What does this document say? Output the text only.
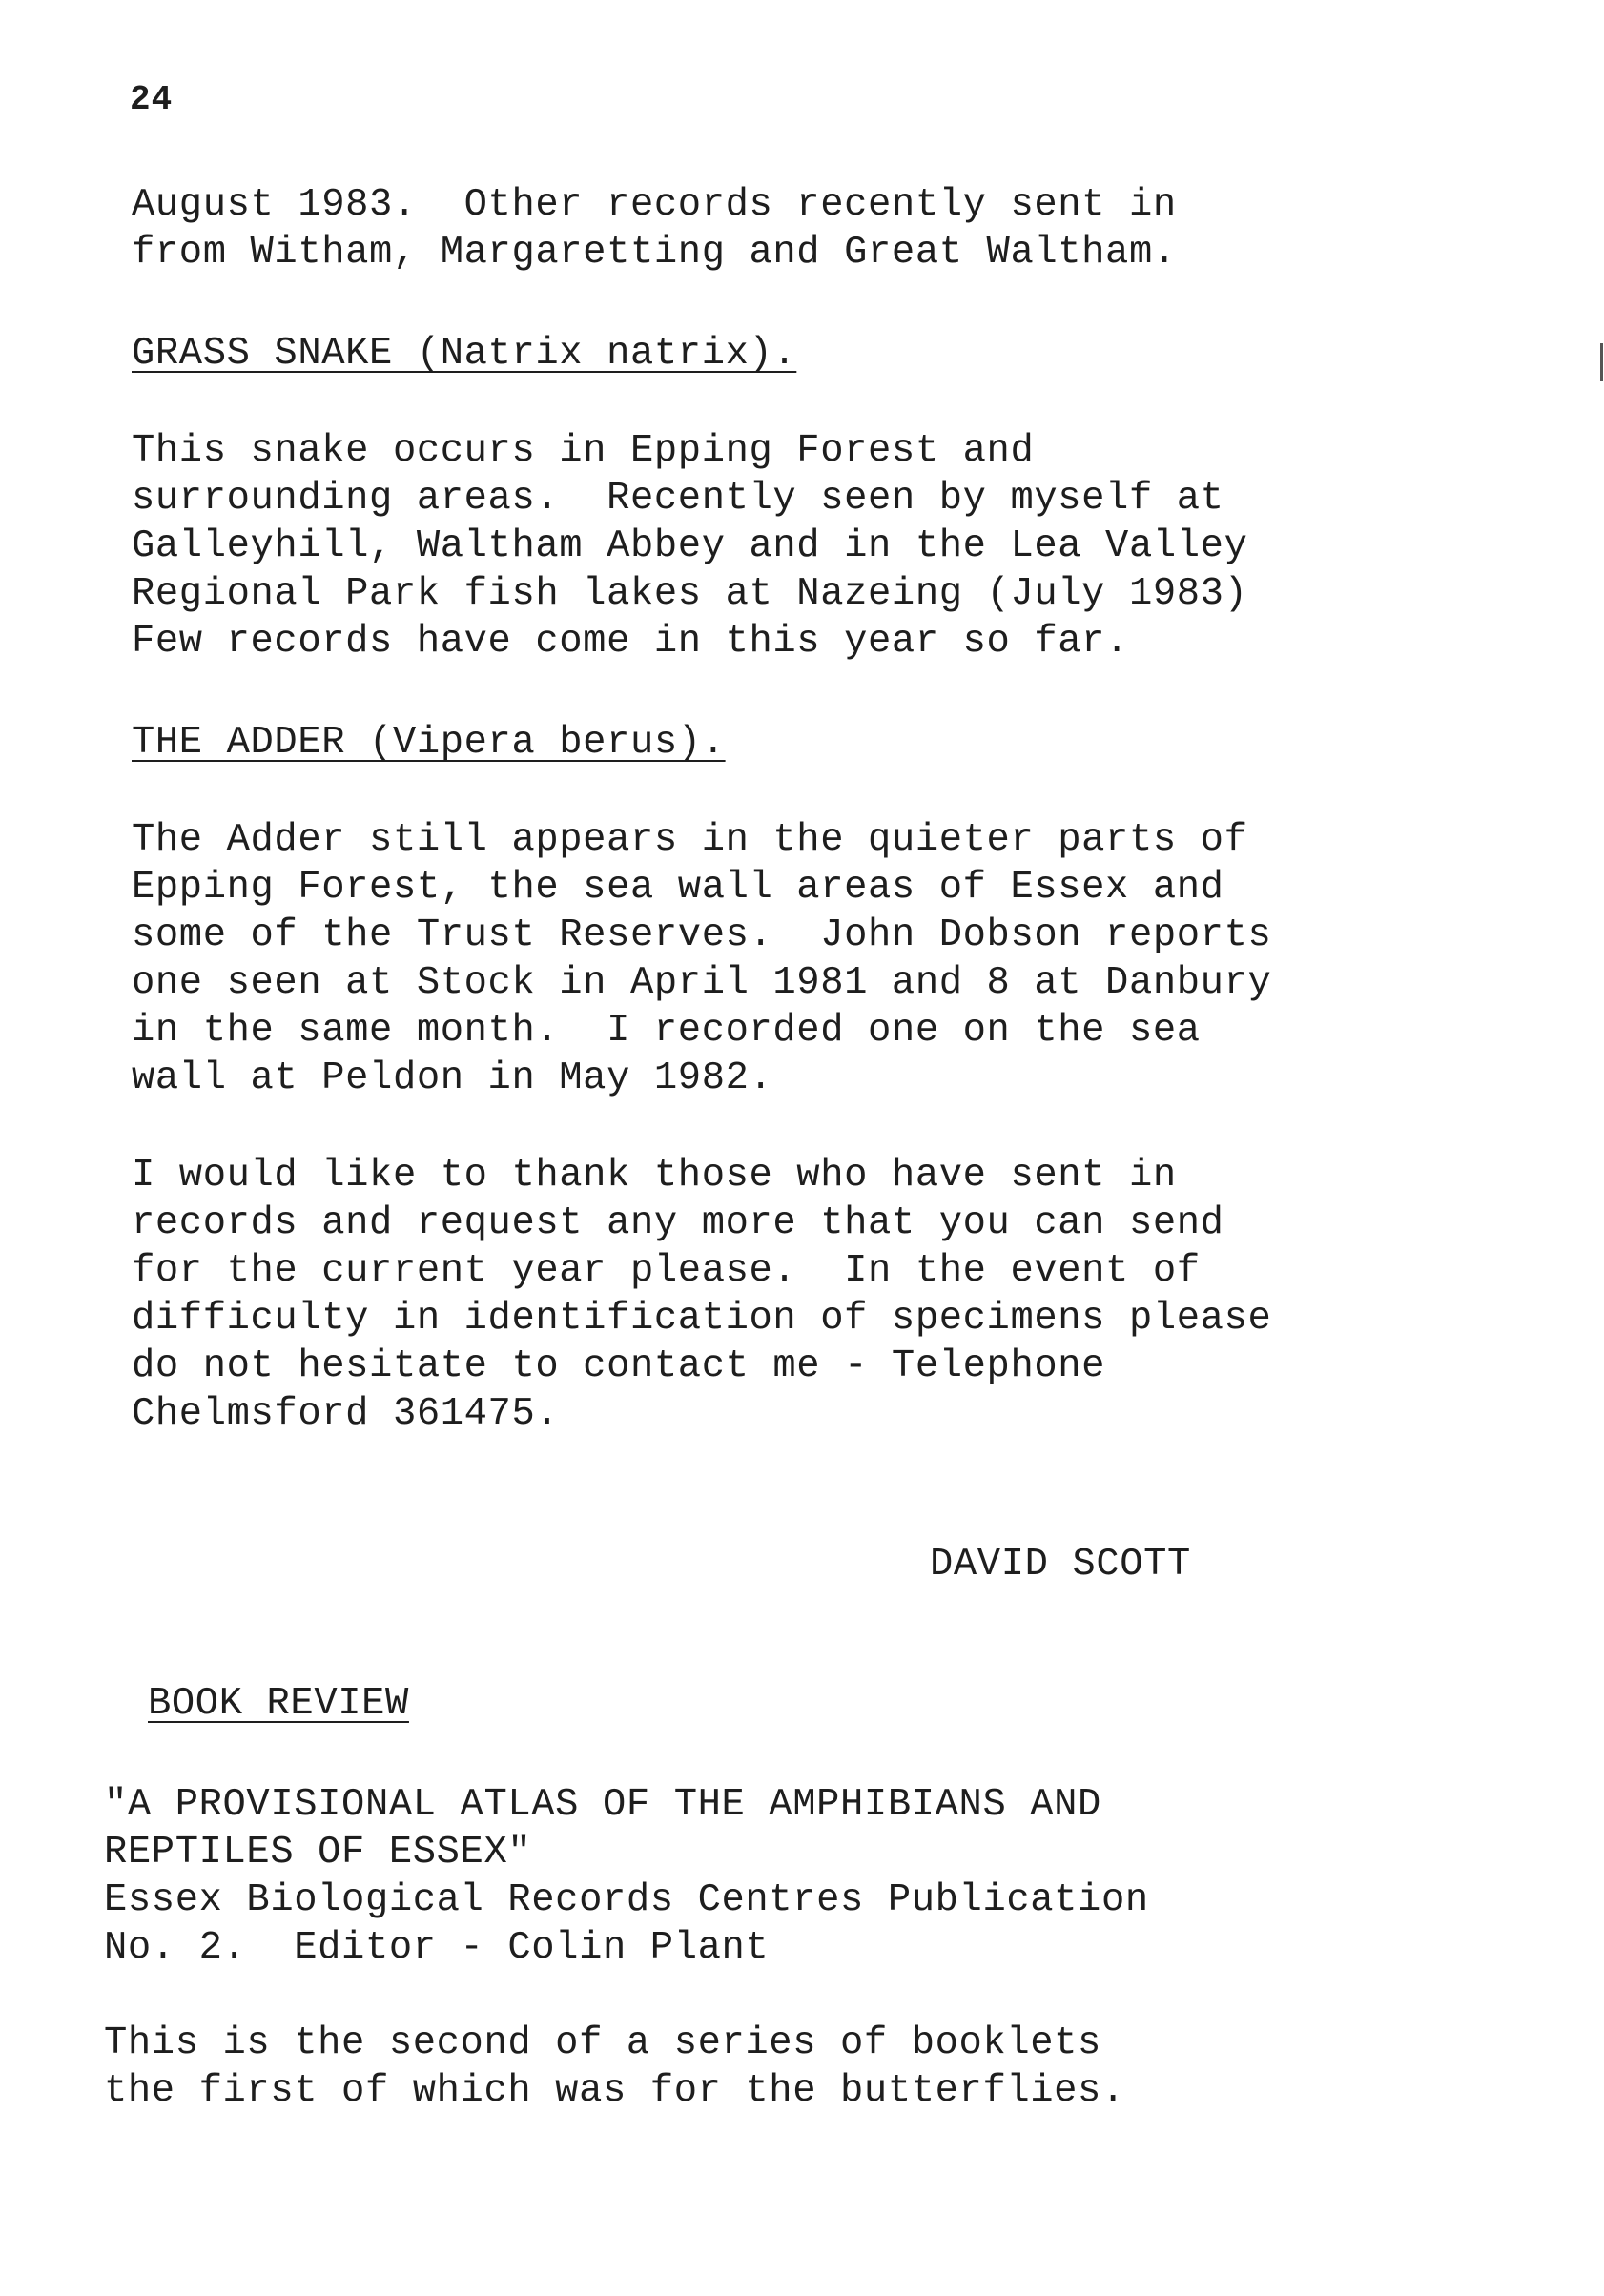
24
August 1983.  Other records recently sent in
from Witham, Margaretting and Great Waltham.
GRASS SNAKE (Natrix natrix).
This snake occurs in Epping Forest and
surrounding areas.  Recently seen by myself at
Galleyhill, Waltham Abbey and in the Lea Valley
Regional Park fish lakes at Nazeing (July 1983)
Few records have come in this year so far.
THE ADDER (Vipera berus).
The Adder still appears in the quieter parts of
Epping Forest, the sea wall areas of Essex and
some of the Trust Reserves.  John Dobson reports
one seen at Stock in April 1981 and 8 at Danbury
in the same month.  I recorded one on the sea
wall at Peldon in May 1982.
I would like to thank those who have sent in
records and request any more that you can send
for the current year please.  In the event of
difficulty in identification of specimens please
do not hesitate to contact me - Telephone
Chelmsford 361475.
DAVID SCOTT
BOOK REVIEW
"A PROVISIONAL ATLAS OF THE AMPHIBIANS AND
REPTILES OF ESSEX"
Essex Biological Records Centres Publication
No. 2.  Editor - Colin Plant
This is the second of a series of booklets
the first of which was for the butterflies.
